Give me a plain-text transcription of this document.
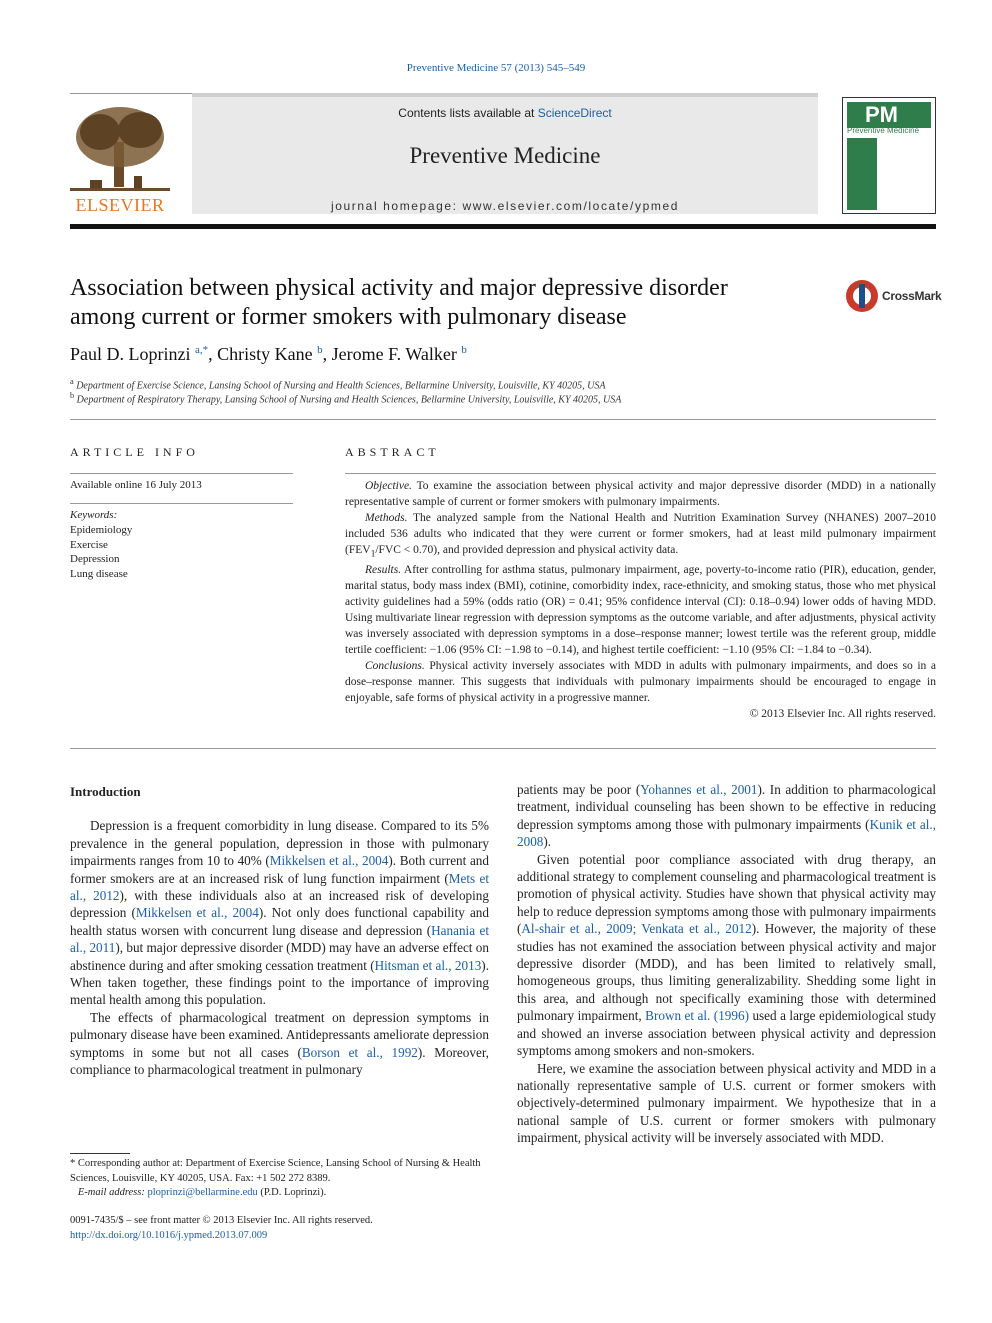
Preventive Medicine 57 (2013) 545–549
Contents lists available at ScienceDirect
Preventive Medicine
journal homepage: www.elsevier.com/locate/ypmed
ELSEVIER
PM
Preventive Medicine
Association between physical activity and major depressive disorder
among current or former smokers with pulmonary disease
CrossMark
Paul D. Loprinzi $^{a,*}$, Christy Kane $^b$, Jerome F. Walker $^b$
$^a$ Department of Exercise Science, Lansing School of Nursing and Health Sciences, Bellarmine University, Louisville, KY 40205, USA
$^b$ Department of Respiratory Therapy, Lansing School of Nursing and Health Sciences, Bellarmine University, Louisville, KY 40205, USA
ARTICLE INFO
Available online 16 July 2013
Keywords:
Epidemiology
Exercise
Depression
Lung disease
ABSTRACT

Objective. To examine the association between physical activity and major depressive disorder (MDD) in a nationally representative sample of current or former smokers with pulmonary impairments.

Methods. The analyzed sample from the National Health and Nutrition Examination Survey (NHANES) 2007–2010 included 536 adults who indicated that they were current or former smokers, had at least mild pulmonary impairment ($FEV_1$/FVC < 0.70), and provided depression and physical activity data.

Results. After controlling for asthma status, pulmonary impairment, age, poverty-to-income ratio (PIR), education, gender, marital status, body mass index (BMI), cotinine, comorbidity index, race-ethnicity, and smoking status, those who met physical activity guidelines had a 59% (odds ratio (OR) = 0.41; 95% confidence interval (CI): 0.18–0.94) lower odds of having MDD. Using multivariate linear regression with depression symptoms as the outcome variable, and after adjustments, physical activity was inversely associated with depression symptoms in a dose–response manner; lowest tertile was the referent group, middle tertile coefficient: −1.06 (95% CI: −1.98 to −0.14), and highest tertile coefficient: −1.10 (95% CI: −1.84 to −0.34).

Conclusions. Physical activity inversely associates with MDD in adults with pulmonary impairments, and does so in a dose–response manner. This suggests that individuals with pulmonary impairments should be encouraged to engage in enjoyable, safe forms of physical activity in a progressive manner.

© 2013 Elsevier Inc. All rights reserved.

Introduction

Depression is a frequent comorbidity in lung disease. Compared to its 5% prevalence in the general population, depression in those with pulmonary impairments ranges from 10 to 40% (Mikkelsen et al., 2004). Both current and former smokers are at an increased risk of lung function impairment (Mets et al., 2012), with these individuals also at an increased risk of developing depression (Mikkelsen et al., 2004). Not only does functional capability and health status worsen with concurrent lung disease and depression (Hanania et al., 2011), but major depressive disorder (MDD) may have an adverse effect on abstinence during and after smoking cessation treatment (Hitsman et al., 2013). When taken together, these findings point to the importance of improving mental health among this population.

The effects of pharmacological treatment on depression symptoms in pulmonary disease have been examined. Antidepressants ameliorate depression symptoms in some but not all cases (Borson et al., 1992). Moreover, compliance to pharmacological treatment in pulmonary

patients may be poor (Yohannes et al., 2001). In addition to pharmacological treatment, individual counseling has been shown to be effective in reducing depression symptoms among those with pulmonary impairments (Kunik et al., 2008).

Given potential poor compliance associated with drug therapy, an additional strategy to complement counseling and pharmacological treatment is promotion of physical activity. Studies have shown that physical activity may help to reduce depression symptoms among those with pulmonary impairments (Al-shair et al., 2009; Venkata et al., 2012). However, the majority of these studies has not examined the association between physical activity and major depressive disorder (MDD), and has been limited to relatively small, homogeneous groups, thus limiting generalizability. Shedding some light in this area, and although not specifically examining those with determined pulmonary impairment, Brown et al. (1996) used a large epidemiological study and showed an inverse association between physical activity and depression symptoms among smokers and non-smokers.

Here, we examine the association between physical activity and MDD in a nationally representative sample of U.S. current or former smokers with objectively-determined pulmonary impairment. We hypothesize that in a national sample of U.S. current or former smokers with pulmonary impairment, physical activity will be inversely associated with MDD.

* Corresponding author at: Department of Exercise Science, Lansing School of Nursing & Health Sciences, Louisville, KY 40205, USA. Fax: +1 502 272 8389.

E-mail address: ploprinzi@bellarmine.edu (P.D. Loprinzi).

0091-7435/$ – see front matter © 2013 Elsevier Inc. All rights reserved.

http://dx.doi.org/10.1016/j.ypmed.2013.07.009
